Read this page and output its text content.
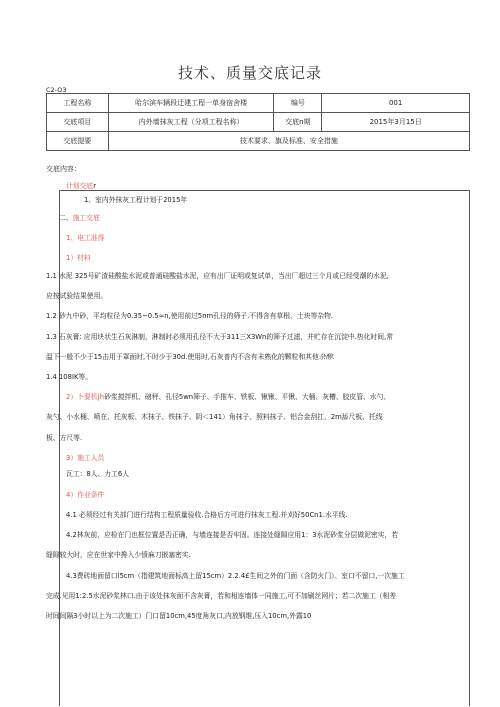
技术、质量交底记录
C2-O3
工程名称	哈尔滨车辆段迁建工程一单身宿舍楼	编号	001
交底项目	内外墙抹灰工程（分项工程名称）	交底n期	2015年3月15日
交底提要	技术要求、旗及标准、安全措施		
交底内容：
计划交底r
1、室内外抹灰工程计划于2015年
二、施工交底
1、电工准得
1）材料
1.1 水泥 325号矿渣硅酸盐水泥或普通硅酸盐水泥，应有出厂证明或复试单，当出厂超过三个月或已经受潮的水泥,
应按试验结果使用。
1.2 砂九中砂，平均粒径为0.35~0.5≈n,使用前过5nm孔径的筛子.不得含有草根、土块等杂物.
1.3 石灰膏: 应用块状生石灰淋制，淋制时必须用孔径不大于311三X3Wn的筛子过滤，并贮存在沉淀中.热化时间,常
温下一般不少于15击用于罩面时,不时少于30d.使用时,石灰普内不含有未熟化的颗粒和其他杂醇.
1.4 108IK等。
2）卜要机|h砂浆搅拌机、磅秤、孔径5wn筛子、手推车、铁板、锹锹、平锹、大桶、灰槽、胶皮管、水勺、
灰勺、小水桶、喷在、托灰板、木抹子、铁抹子、阴＜141）角抹子、照料抹子、铝合金刮扛、2m舔尺板、托线
板、方尺等.
3）施工人员
瓦工：8人、力工6人
4）作业条件
4.1 必须经过有关部门进行结构工程质量验收.合格后方可进行抹灰工程.并刈好50Cn1.水平线.
4.2林灰前，应检在门也框位置是否正确，与墙连接是否牢固。连接处缝隙应用1：3水泥砂浆分层做泥密实，若
缝隙较大时，应在世家中搀入少愤麻刀嵌塞密实.
4.3费砖地面留口l5cm（指建筑地面标高上留15cm）2.2.4£生间之外的门面（含防火门）、室口不留口,一次施工
完成.见用1:2.5水泥砂浆林口.由于该处抹灰面不含灰膏，若和相连墙体一同施工,可不加刷丝网片；若二次施工（相差
时间间隔3小时以上为二次施工）门口留10cm,45度角灰口,内放钢维,压入10cm,外露10
